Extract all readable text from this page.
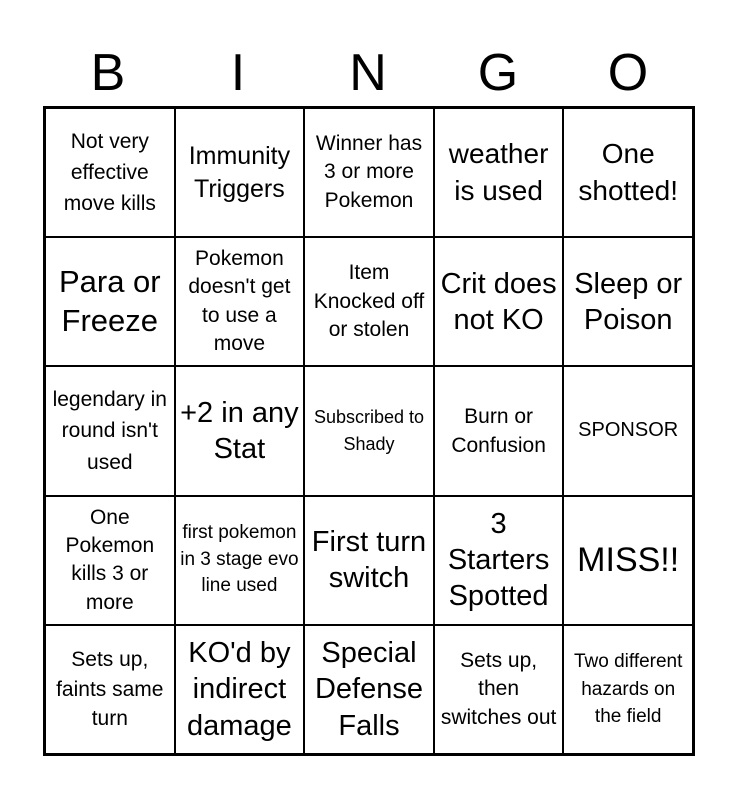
B	I	N	G	O
Not very effective move kills
Immunity Triggers
Winner has 3 or more Pokemon
weather is used
One shotted!
Para or Freeze
Pokemon doesn't get to use a move
Item Knocked off or stolen
Crit does not KO
Sleep or Poison
legendary in round isn't used
+2 in any Stat
Subscribed to Shady
Burn or Confusion
SPONSOR
One Pokemon kills 3 or more
first pokemon in 3 stage evo line used
First turn switch
3 Starters Spotted
MISS!!
Sets up, faints same turn
KO'd by indirect damage
Special Defense Falls
Sets up, then switches out
Two different hazards on the field
